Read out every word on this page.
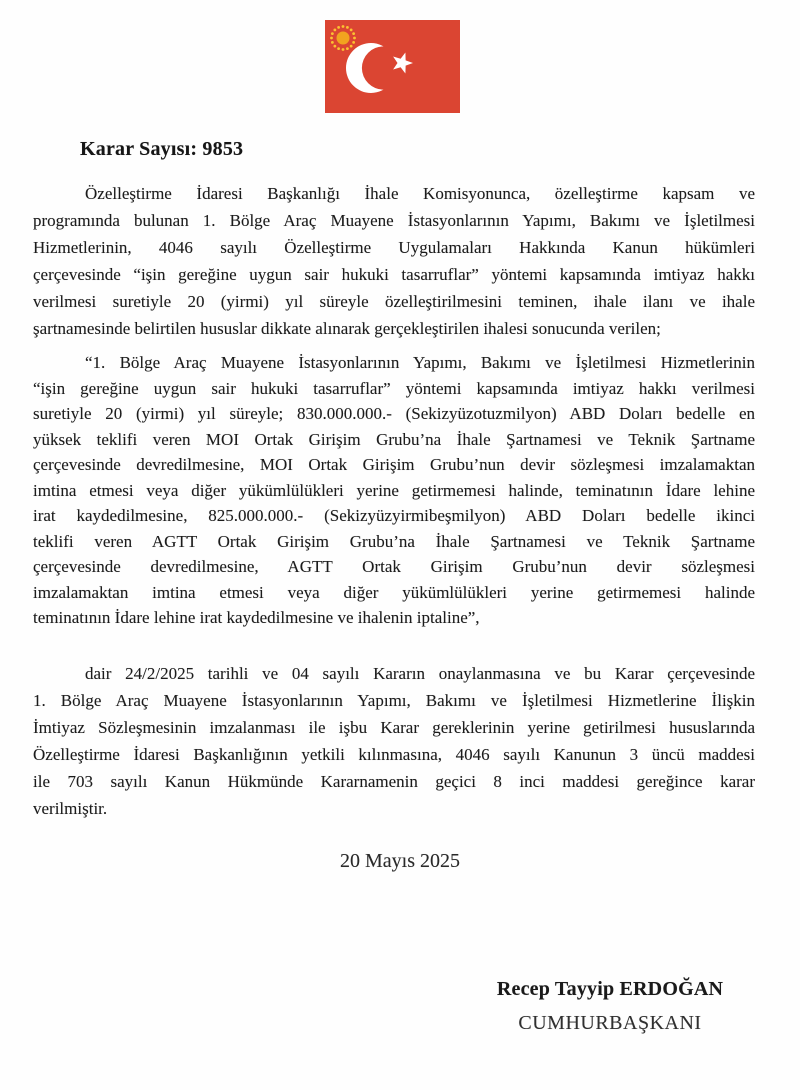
Karar Sayısı: 9853
Özelleştirme İdaresi Başkanlığı İhale Komisyonunca, özelleştirme kapsam ve
programında bulunan 1. Bölge Araç Muayene İstasyonlarının Yapımı, Bakımı ve İşletilmesi
Hizmetlerinin, 4046 sayılı Özelleştirme Uygulamaları Hakkında Kanun hükümleri
çerçevesinde “işin gereğine uygun sair hukuki tasarruflar” yöntemi kapsamında imtiyaz hakkı
verilmesi suretiyle 20 (yirmi) yıl süreyle özelleştirilmesini teminen, ihale ilanı ve ihale
şartnamesinde belirtilen hususlar dikkate alınarak gerçekleştirilen ihalesi sonucunda verilen;
“1. Bölge Araç Muayene İstasyonlarının Yapımı, Bakımı ve İşletilmesi Hizmetlerinin
“işin gereğine uygun sair hukuki tasarruflar” yöntemi kapsamında imtiyaz hakkı verilmesi
suretiyle 20 (yirmi) yıl süreyle; 830.000.000.- (Sekizyüzotuzmilyon) ABD Doları bedelle en
yüksek teklifi veren MOI Ortak Girişim Grubu’na İhale Şartnamesi ve Teknik Şartname
çerçevesinde devredilmesine, MOI Ortak Girişim Grubu’nun devir sözleşmesi imzalamaktan
imtina etmesi veya diğer yükümlülükleri yerine getirmemesi halinde, teminatının İdare lehine
irat kaydedilmesine, 825.000.000.- (Sekizyüzyirmibeşmilyon) ABD Doları bedelle ikinci
teklifi veren AGTT Ortak Girişim Grubu’na İhale Şartnamesi ve Teknik Şartname
çerçevesinde devredilmesine, AGTT Ortak Girişim Grubu’nun devir sözleşmesi
imzalamaktan imtina etmesi veya diğer yükümlülükleri yerine getirmemesi halinde
teminatının İdare lehine irat kaydedilmesine ve ihalenin iptaline”,
dair 24/2/2025 tarihli ve 04 sayılı Kararın onaylanmasına ve bu Karar çerçevesinde
1. Bölge Araç Muayene İstasyonlarının Yapımı, Bakımı ve İşletilmesi Hizmetlerine İlişkin
İmtiyaz Sözleşmesinin imzalanması ile işbu Karar gereklerinin yerine getirilmesi hususlarında
Özelleştirme İdaresi Başkanlığının yetkili kılınmasına, 4046 sayılı Kanunun 3 üncü maddesi
ile 703 sayılı Kanun Hükmünde Kararnamenin geçici 8 inci maddesi gereğince karar
verilmiştir.
20 Mayıs 2025
Recep Tayyip ERDOĞAN
CUMHURBAŞKANI
